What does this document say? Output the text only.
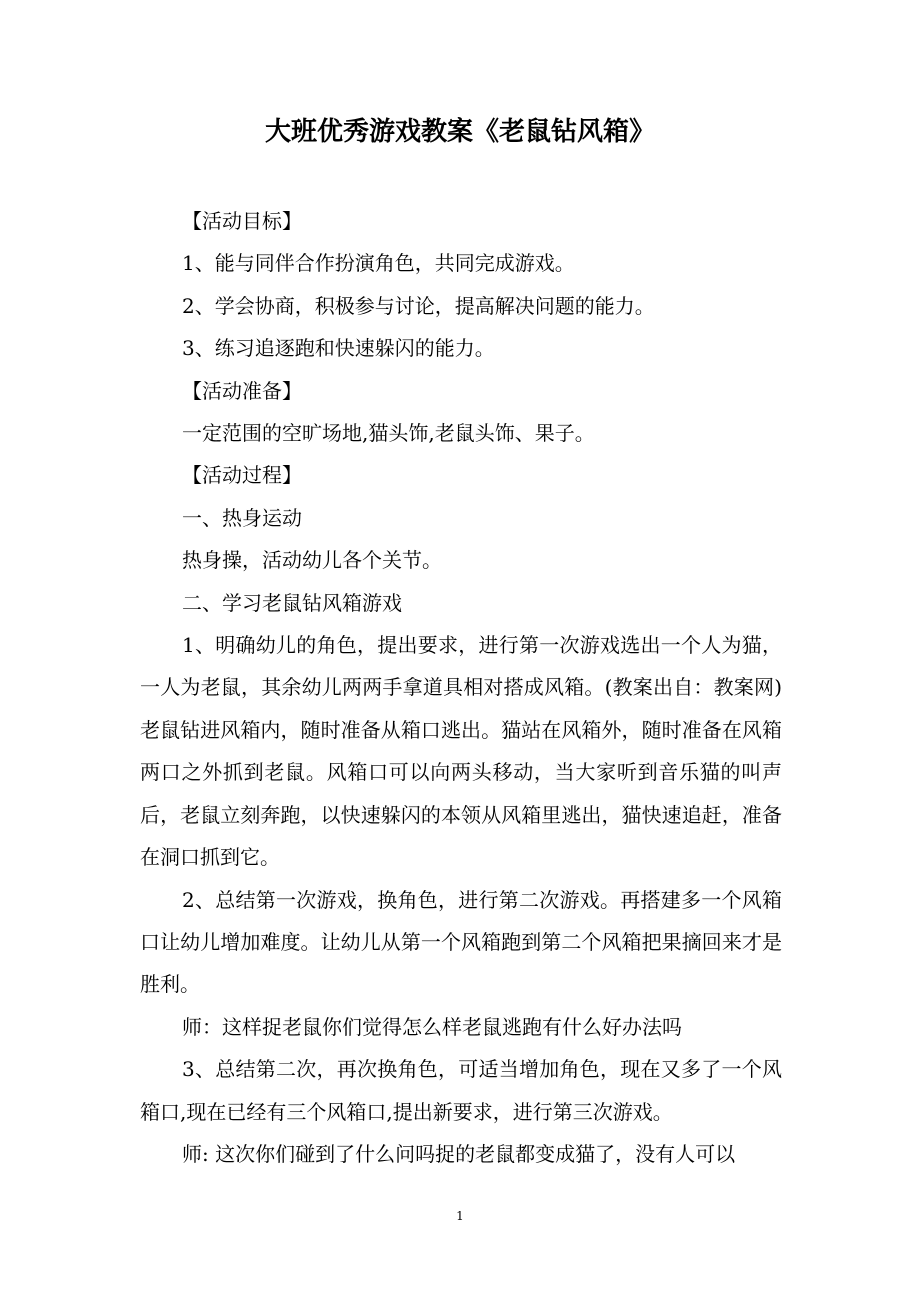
大班优秀游戏教案《老鼠钻风箱》

【活动目标】

1、能与同伴合作扮演角色，共同完成游戏。

2、学会协商，积极参与讨论，提高解决问题的能力。

3、练习追逐跑和快速躲闪的能力。

【活动准备】

一定范围的空旷场地,猫头饰,老鼠头饰、果子。

【活动过程】

一、热身运动

热身操，活动幼儿各个关节。

二、学习老鼠钻风箱游戏

1、明确幼儿的角色，提出要求，进行第一次游戏选出一个人为猫，一人为老鼠，其余幼儿两两手拿道具相对搭成风箱。(教案出自：教案网)老鼠钻进风箱内，随时准备从箱口逃出。猫站在风箱外，随时准备在风箱两口之外抓到老鼠。风箱口可以向两头移动，当大家听到音乐猫的叫声后，老鼠立刻奔跑，以快速躲闪的本领从风箱里逃出，猫快速追赶，准备在洞口抓到它。

2、总结第一次游戏，换角色，进行第二次游戏。再搭建多一个风箱口让幼儿增加难度。让幼儿从第一个风箱跑到第二个风箱把果摘回来才是胜利。

师：这样捉老鼠你们觉得怎么样老鼠逃跑有什么好办法吗

3、总结第二次，再次换角色，可适当增加角色，现在又多了一个风箱口,现在已经有三个风箱口,提出新要求，进行第三次游戏。

师: 这次你们碰到了什么问吗捉的老鼠都变成猫了，没有人可以

1
